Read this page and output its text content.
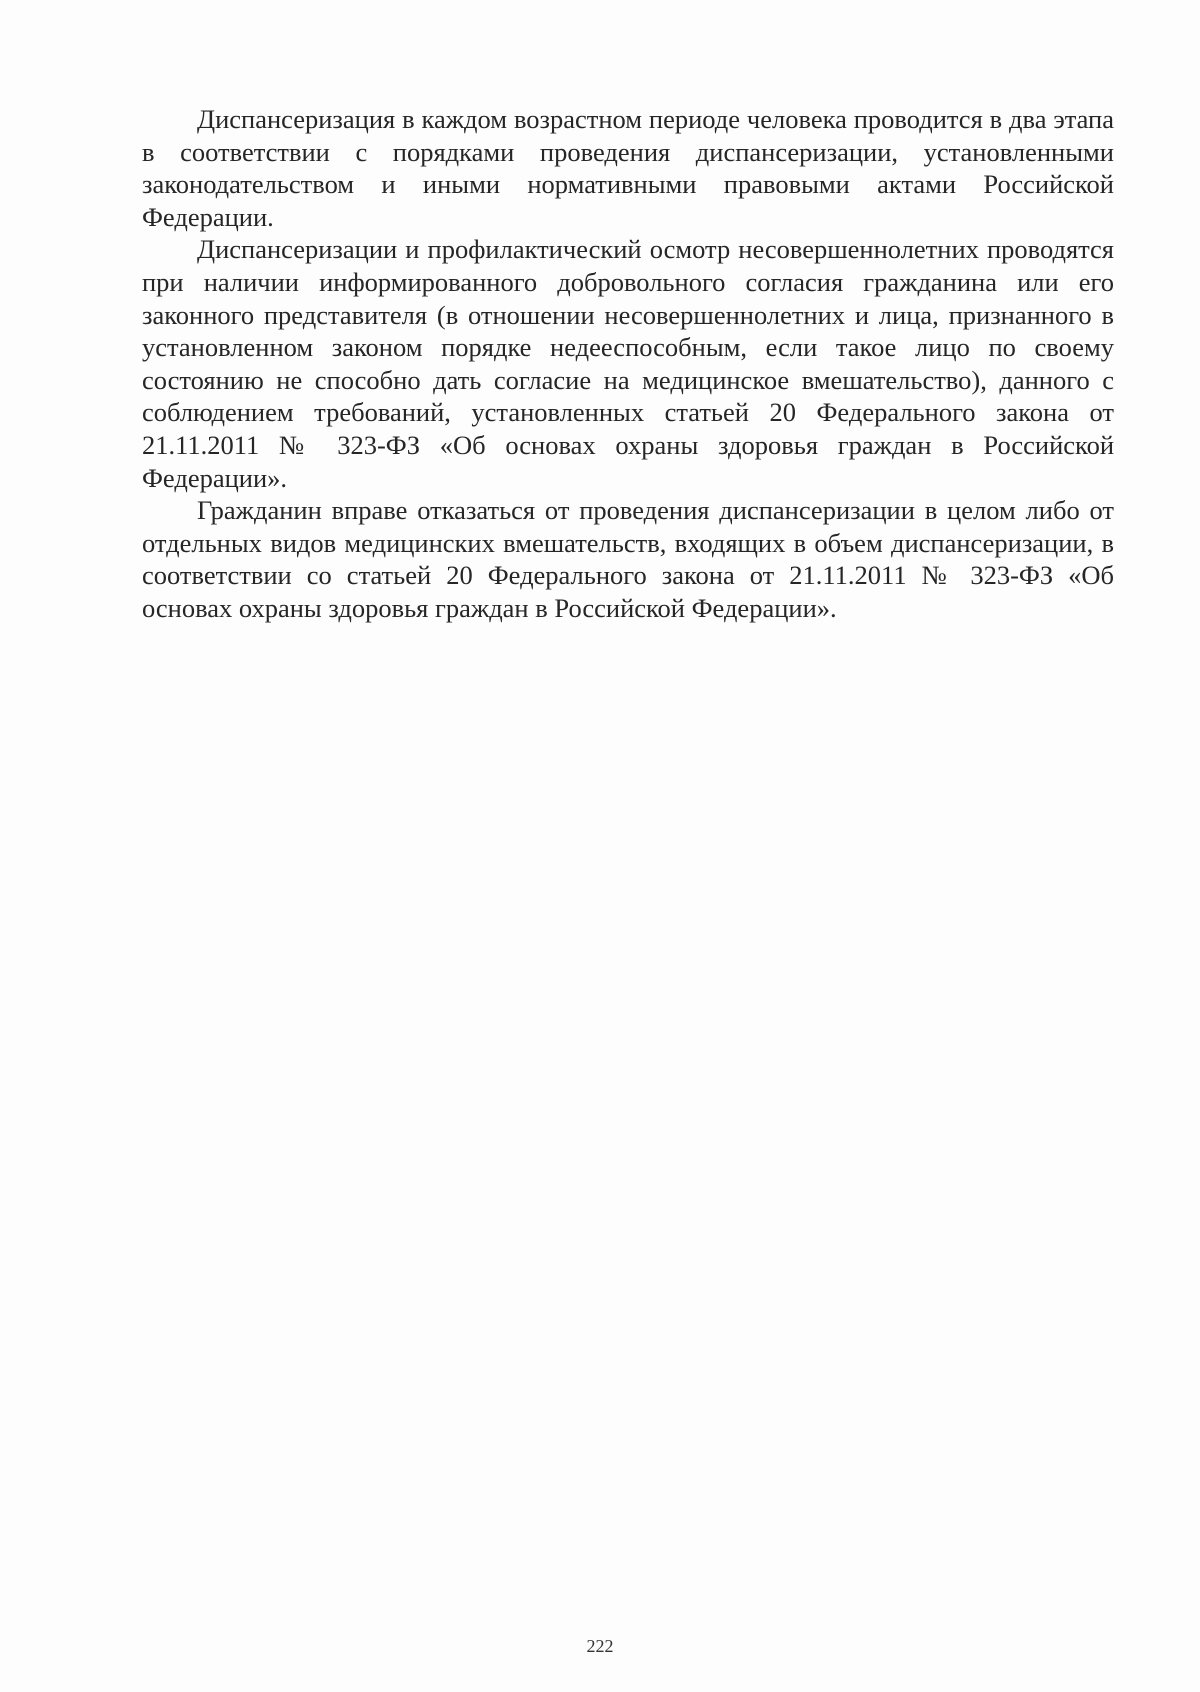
Диспансеризация в каждом возрастном периоде человека проводится в два этапа в соответствии с порядками проведения диспансеризации, установленными законодательством и иными нормативными правовыми актами Российской Федерации.

Диспансеризации и профилактический осмотр несовершеннолетних проводятся при наличии информированного добровольного согласия гражданина или его законного представителя (в отношении несовершеннолетних и лица, признанного в установленном законом порядке недееспособным, если такое лицо по своему состоянию не способно дать согласие на медицинское вмешательство), данного с соблюдением требований, установленных статьей 20 Федерального закона от 21.11.2011 № 323-ФЗ «Об основах охраны здоровья граждан в Российской Федерации».

Гражданин вправе отказаться от проведения диспансеризации в целом либо от отдельных видов медицинских вмешательств, входящих в объем диспансеризации, в соответствии со статьей 20 Федерального закона от 21.11.2011 № 323-ФЗ «Об основах охраны здоровья граждан в Российской Федерации».

222
